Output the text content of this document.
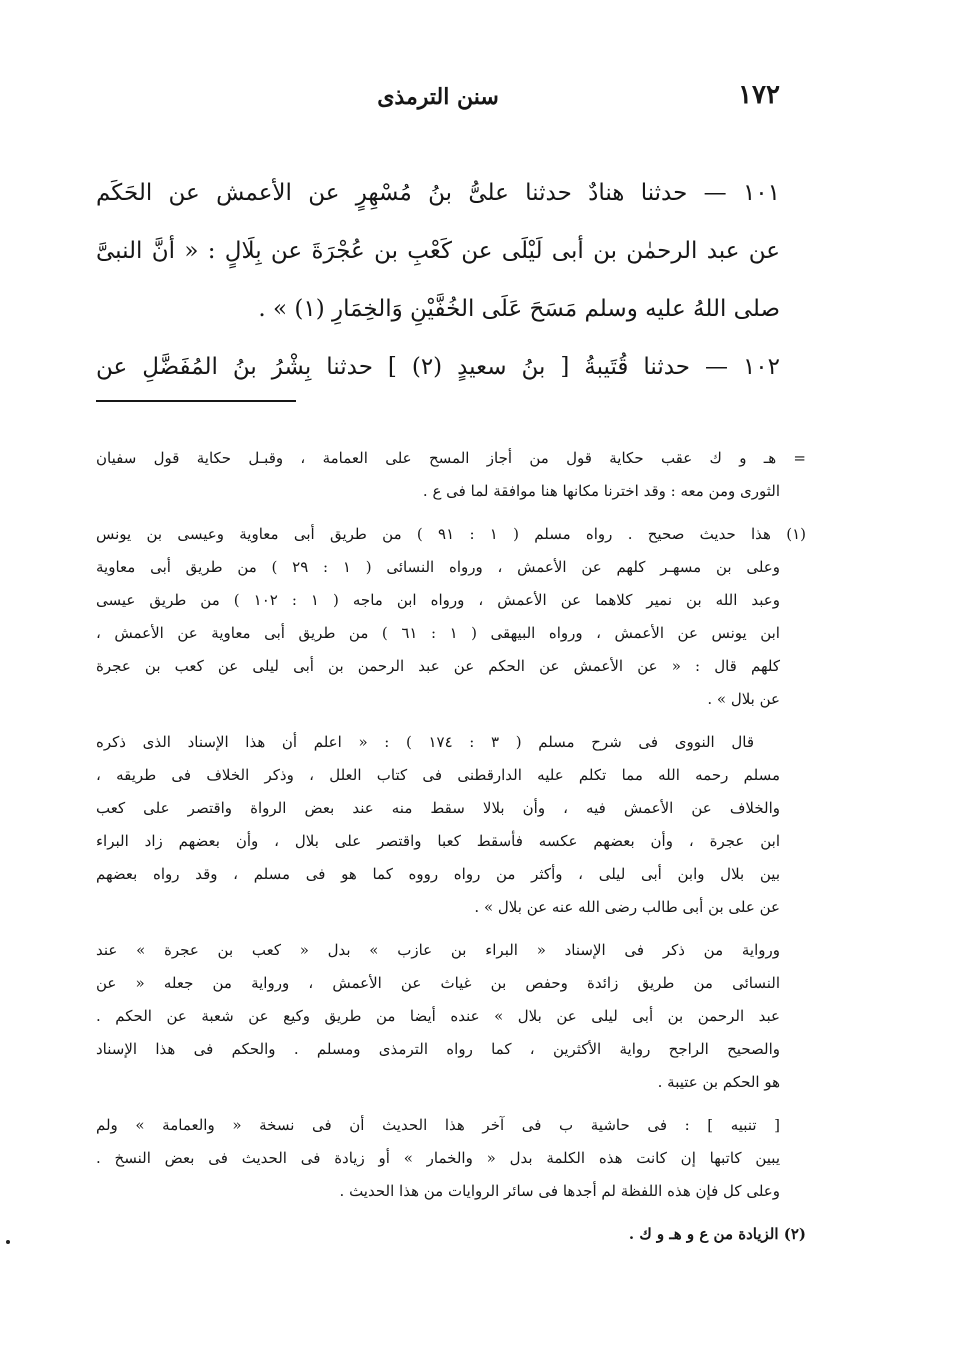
١٧٢
سنن الترمذى
١٠١ — حدثنا هنادٌ حدثنا علىُّ بنُ مُسْهِرٍ عن الأعمش عن الحَكَم
عن عبد الرحمٰن بن أبى لَيْلَى عن كَعْبِ بن عُجْرَةَ عن بِلَالٍ : « أنَّ النبىَّ
صلى اللهُ عليه وسلم مَسَحَ عَلَى الخُفَّيْنِ وَالخِمَارِ (١) » .
١٠٢ — حدثنا قُتَيبةُ [ بنُ سعيدٍ (٢) ] حدثنا بِشْرُ بنُ المُفَضَّلِ عن
= هـ و ك عقب حكاية قول من أجاز المسح على العمامة ، وقبـل حكاية قول سفيان
الثورى ومن معه : وقد اخترنا مكانها هنا موافقة لما فى ع .
(١) هذا حديث صحيح . رواه مسلم ( ١ : ٩١ ) من طريق أبى معاوية وعيسى بن يونس
وعلى بن مسهـر كلهم عن الأعمش ، ورواه النسائى ( ١ : ٢٩ ) من طريق أبى معاوية
وعبد الله بن نمير كلاهما عن الأعمش ، ورواه ابن ماجه ( ١ : ١٠٢ ) من طريق عيسى
ابن يونس عن الأعمش ، ورواه البيهقى ( ١ : ٦١ ) من طريق أبى معاوية عن الأعمش ،
كلهم قال : « عن الأعمش عن الحكم عن عبد الرحمن بن أبى ليلى عن كعب بن عجرة
عن بلال » .
قال النووى فى شرح مسلم ( ٣ : ١٧٤ ) : « اعلم أن هذا الإسناد الذى ذكره
مسلم رحمه الله مما تكلم عليه الدارقطنى فى كتاب العلل ، وذكر الخلاف فى طريقه ،
والخلاف عن الأعمش فيه ، وأن بلالا سقط منه عند بعض الرواة واقتصر على كعب
ابن عجرة ، وأن بعضهم عكسه فأسقط كعبا واقتصر على بلال ، وأن بعضهم زاد البراء
بين بلال وابن أبى ليلى ، وأكثر من رواه رووه كما هو فى مسلم ، وقد رواه بعضهم
عن على بن أبى طالب رضى الله عنه عن بلال » .
ورواية من ذكر فى الإسناد « البراء بن عازب » بدل « كعب بن عجرة » عند
النسائى من طريق زائدة وحفص بن غياث عن الأعمش ، ورواية من جعله « عن
عبد الرحمن بن أبى ليلى عن بلال » عنده أيضا من طريق وكيع عن شعبة عن الحكم .
والصحيح الراجح رواية الأكثرين ، كما رواه الترمذى ومسلم . والحكم فى هذا الإسناد
هو الحكم بن عتيبة .
[ تنبيه ] : فى حاشية ب فى آخر هذا الحديث أن فى نسخة « والعمامة » ولم
يبين كاتبها إن كانت هذه الكلمة بدل « والخمار » أو زيادة فى الحديث فى بعض النسخ .
وعلى كل فإن هذه اللفظة لم أجدها فى سائر الروايات من هذا الحديث .
(٢) الزيادة من ع و هـ و ك .
